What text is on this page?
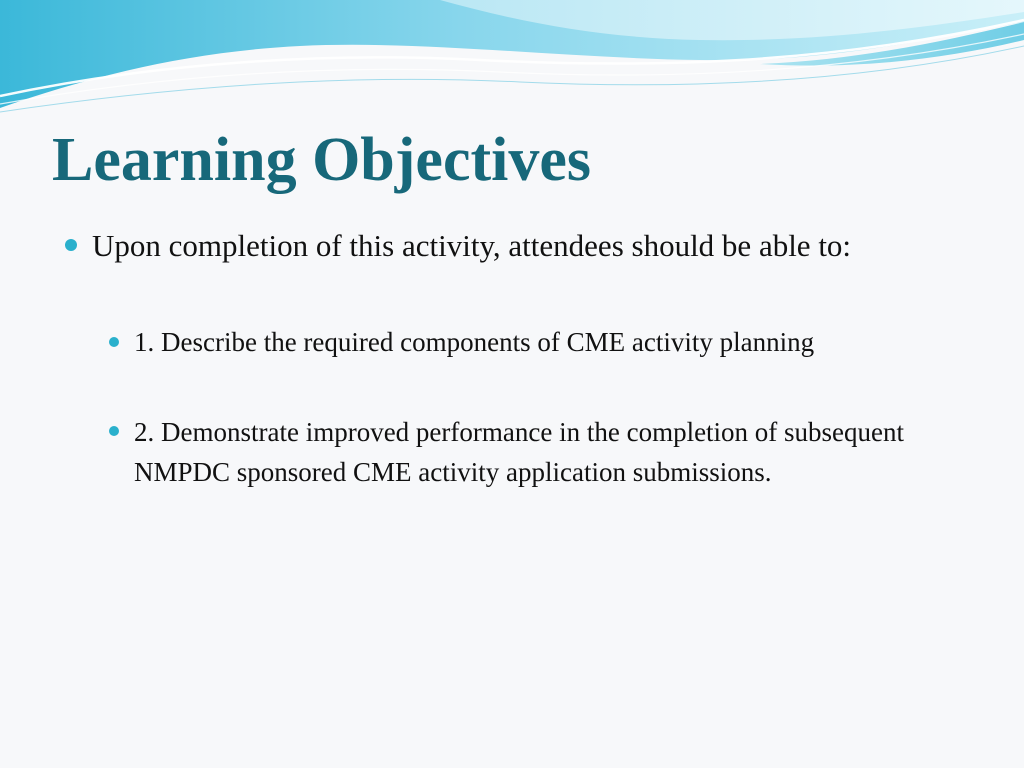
Learning Objectives
Upon completion of this activity, attendees should be able to:
1. Describe the required components of CME activity planning
2. Demonstrate improved performance in the completion of subsequent NMPDC sponsored CME activity application submissions.
